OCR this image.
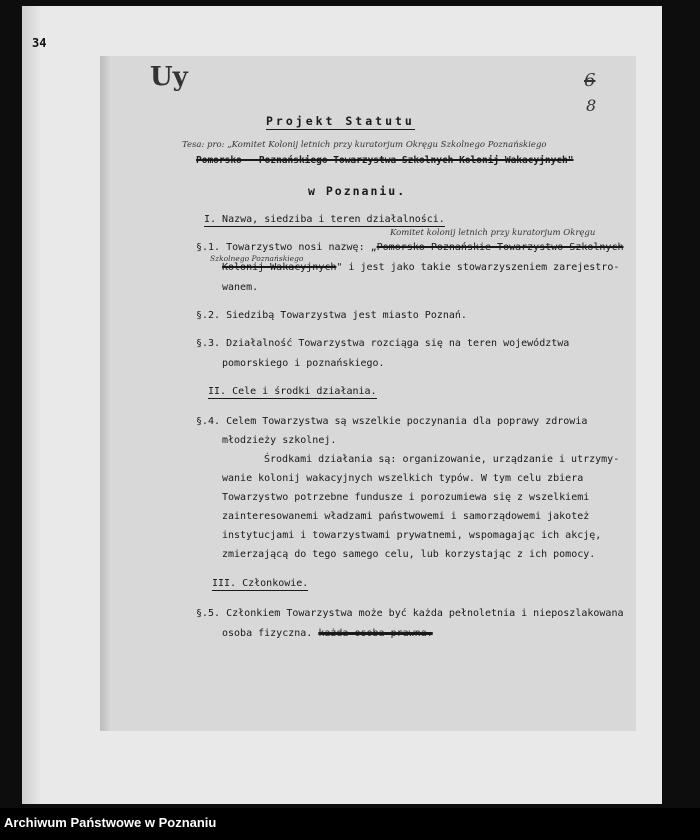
34
Uy	6
8
Projekt Statutu
Tesa: pro: „Komitet Kolonij letnich przy kuratorjum Okręgu Szkolnego Poznańskiego
Pomorsko - Poznańskiego Towarzystwa Szkolnych Kolonij Wakacyjnych"
w Poznaniu.
I. Nazwa, siedziba i teren działalności.
Komitet kolonij letnich przy kuratorjum Okręgu
Szkolnego Poznańskiego
§.1. Towarzystwo nosi nazwę: „Pomorsko-Poznańskie Towarzystwo Szkolnych
Kolonij Wakacyjnych" i jest jako takie stowarzyszeniem zarejestro-
wanem.
§.2. Siedzibą Towarzystwa jest miasto Poznań.
§.3. Działalność Towarzystwa rozciąga się na teren województwa
pomorskiego i poznańskiego.
II. Cele i środki działania.
§.4. Celem Towarzystwa są wszelkie poczynania dla poprawy zdrowia
młodzieży szkolnej.
Środkami działania są: organizowanie, urządzanie i utrzymy-
wanie kolonij wakacyjnych wszelkich typów. W tym celu zbiera
Towarzystwo potrzebne fundusze i porozumiewa się z wszelkiemi
zainteresowanemi władzami państwowemi i samorządowemi jakoteż
instytucjami i towarzystwami prywatnemi, wspomagając ich akcję,
zmierzającą do tego samego celu, lub korzystając z ich pomocy.
III. Członkowie.
§.5. Członkiem Towarzystwa może być każda pełnoletnia i nieposzlakowana
osoba fizyczna. każda osoba prawna.
Archiwum Państwowe w Poznaniu
